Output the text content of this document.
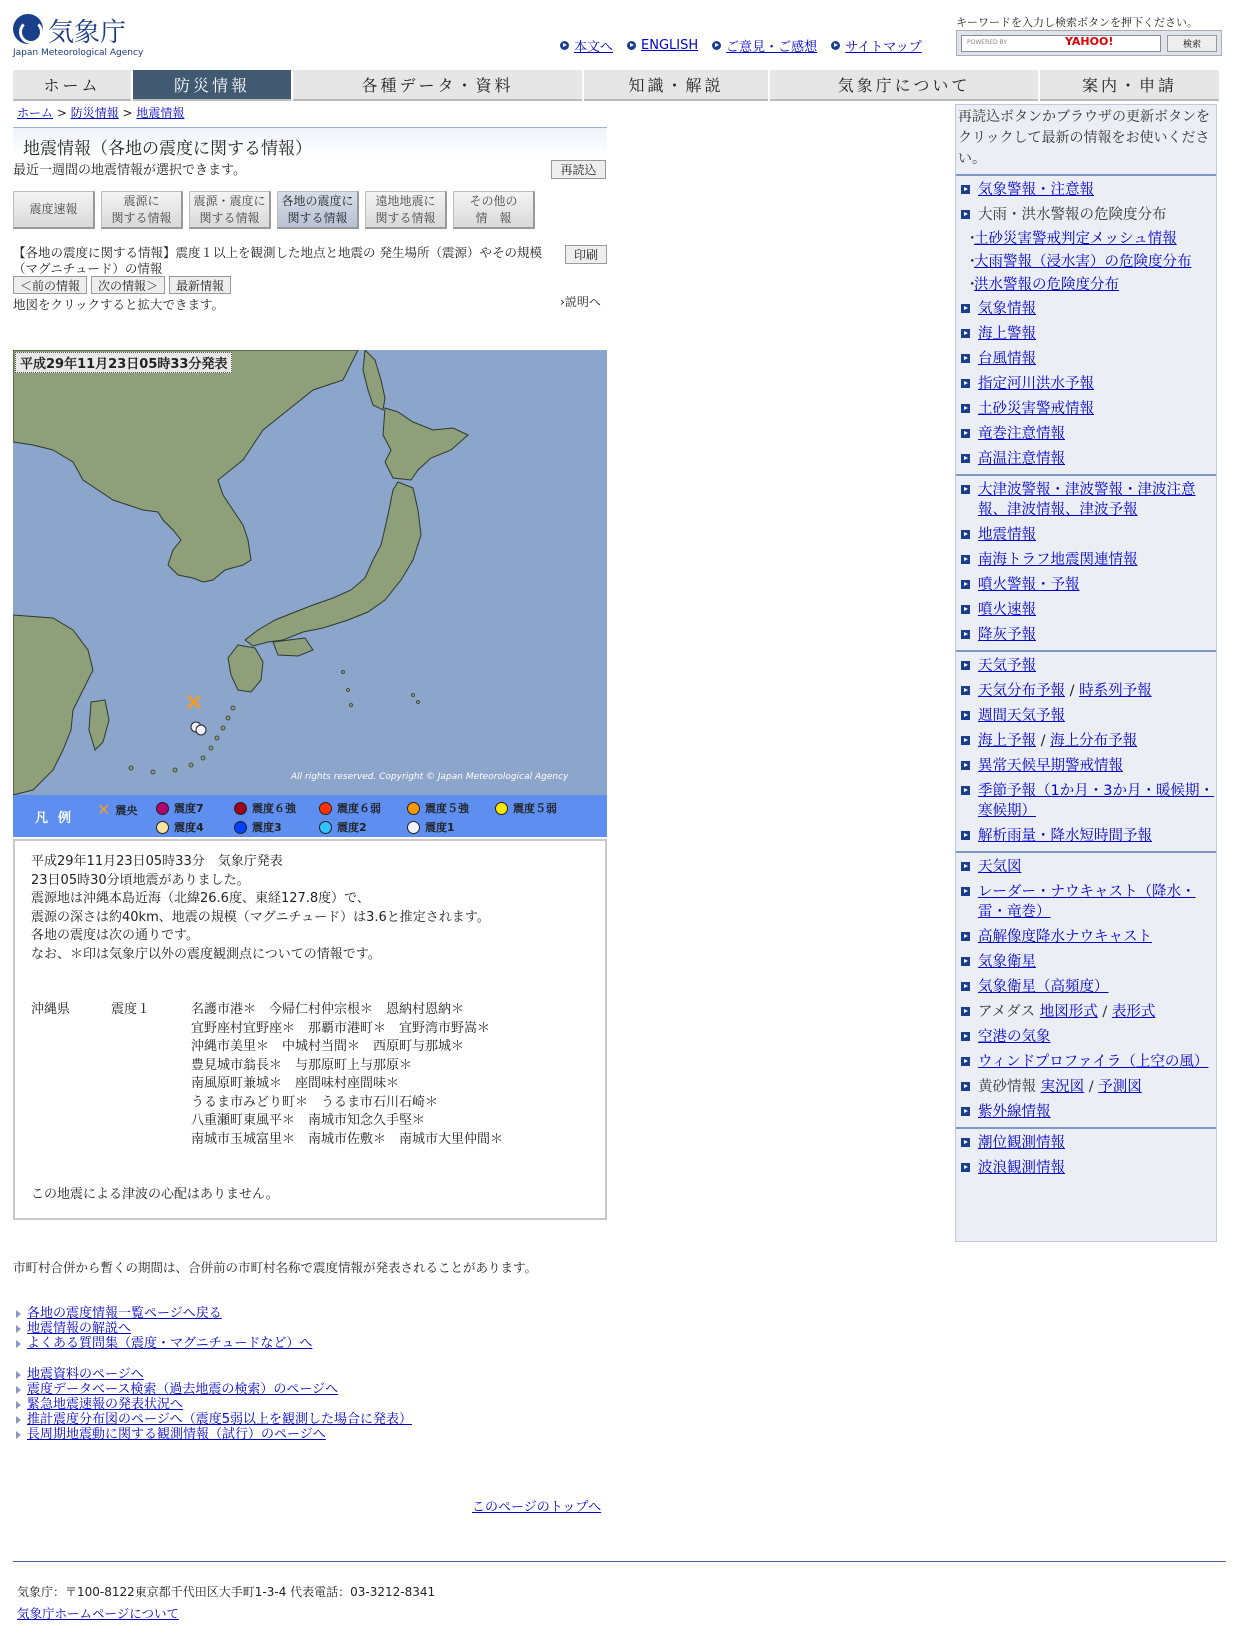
気象庁
Japan Meteorological Agency	本文へ ENGLISH ご意見・ご感想 サイトマップ
キーワードを入力し検索ボタンを押下ください。
POWERED BY	YAHOO!	検索
ホーム	防災情報	各種データ・資料	知識・解説	気象庁について	案内・申請
ホーム > 防災情報 > 地震情報
地震情報（各地の震度に関する情報）
最近一週間の地震情報が選択できます。	再読込
震度速報
震源に
関する情報
震源・震度に
関する情報
各地の震度に
関する情報
遠地地震に
関する情報
その他の
情　報
【各地の震度に関する情報】震度１以上を観測した地点と地震の 発生場所（震源）やその規模（マグニチュード）の情報
印刷
＜前の情報	次の情報＞	最新情報
地図をクリックすると拡大できます。	›説明へ
平成29年11月23日05時33分発表
All rights reserved. Copyright © Japan Meteorological Agency
凡例 ✕ 震央	震度7	震度６強	震度６弱	震度５強	震度５弱
震度4	震度3	震度2	震度1
平成29年11月23日05時33分　気象庁発表
23日05時30分頃地震がありました。
震源地は沖縄本島近海（北緯26.6度、東経127.8度）で、
震源の深さは約40km、地震の規模（マグニチュード）は3.6と推定されます。
各地の震度は次の通りです。
なお、＊印は気象庁以外の震度観測点についての情報です。
沖縄県	震度１	名護市港＊　今帰仁村仲宗根＊　恩納村恩納＊
宜野座村宜野座＊　那覇市港町＊　宜野湾市野嵩＊
沖縄市美里＊　中城村当間＊　西原町与那城＊
豊見城市翁長＊　与那原町上与那原＊
南風原町兼城＊　座間味村座間味＊
うるま市みどり町＊　うるま市石川石崎＊
八重瀬町東風平＊　南城市知念久手堅＊
南城市玉城富里＊　南城市佐敷＊　南城市大里仲間＊
この地震による津波の心配はありません。
市町村合併から暫くの期間は、合併前の市町村名称で震度情報が発表されることがあります。
各地の震度情報一覧ページへ戻る
地震情報の解説へ
よくある質問集（震度・マグニチュードなど）へ
地震資料のページへ
震度データベース検索（過去地震の検索）のページへ
緊急地震速報の発表状況へ
推計震度分布図のページへ（震度5弱以上を観測した場合に発表）
長周期地震動に関する観測情報（試行）のページへ
このページのトップへ
気象庁：〒100-8122東京都千代田区大手町1-3-4 代表電話：03-3212-8341
気象庁ホームページについて
再読込ボタンかブラウザの更新ボタンをクリックして最新の情報をお使いください。
気象警報・注意報
大雨・洪水警報の危険度分布
・ 土砂災害警戒判定メッシュ情報
・ 大雨警報（浸水害）の危険度分布
・ 洪水警報の危険度分布
気象情報
海上警報
台風情報
指定河川洪水予報
土砂災害警戒情報
竜巻注意情報
高温注意情報
大津波警報・津波警報・津波注意報、津波情報、津波予報
地震情報
南海トラフ地震関連情報
噴火警報・予報
噴火速報
降灰予報
天気予報
天気分布予報 / 時系列予報
週間天気予報
海上予報 / 海上分布予報
異常天候早期警戒情報
季節予報（1か月・3か月・暖候期・寒候期）
解析雨量・降水短時間予報
天気図
レーダー・ナウキャスト（降水・雷・竜巻）
高解像度降水ナウキャスト
気象衛星
気象衛星（高頻度）
アメダス 地図形式 / 表形式
空港の気象
ウィンドプロファイラ（上空の風）
黄砂情報 実況図 / 予測図
紫外線情報
潮位観測情報
波浪観測情報
